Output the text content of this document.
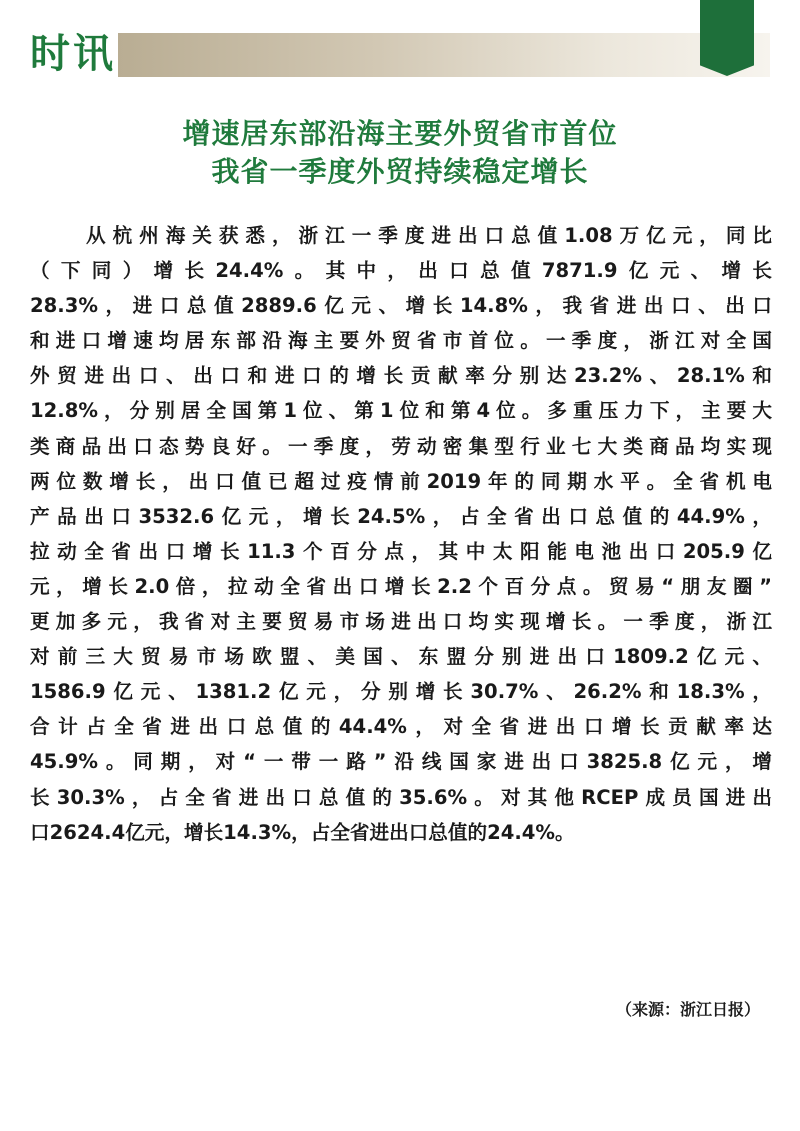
时讯
增速居东部沿海主要外贸省市首位
我省一季度外贸持续稳定增长
从杭州海关获悉，浙江一季度进出口总值1.08万亿元，同比
（下同）增长24.4%。其中，出口总值7871.9亿元、增长
28.3%，进口总值2889.6亿元、增长14.8%，我省进出口、出口
和进口增速均居东部沿海主要外贸省市首位。一季度，浙江对全国
外贸进出口、出口和进口的增长贡献率分别达23.2%、28.1%和
12.8%，分别居全国第1位、第1位和第4位。多重压力下，主要大
类商品出口态势良好。一季度，劳动密集型行业七大类商品均实现
两位数增长，出口值已超过疫情前2019年的同期水平。全省机电
产品出口3532.6亿元，增长24.5%，占全省出口总值的44.9%，
拉动全省出口增长11.3个百分点，其中太阳能电池出口205.9亿
元，增长2.0倍，拉动全省出口增长2.2个百分点。贸易“朋友圈”
更加多元，我省对主要贸易市场进出口均实现增长。一季度，浙江
对前三大贸易市场欧盟、美国、东盟分别进出口1809.2亿元、
1586.9亿元、1381.2亿元，分别增长30.7%、26.2%和18.3%，
合计占全省进出口总值的44.4%，对全省进出口增长贡献率达
45.9%。同期，对“一带一路”沿线国家进出口3825.8亿元，增
长30.3%，占全省进出口总值的35.6%。对其他RCEP成员国进出
口2624.4亿元，增长14.3%，占全省进出口总值的24.4%。
（来源：浙江日报）
